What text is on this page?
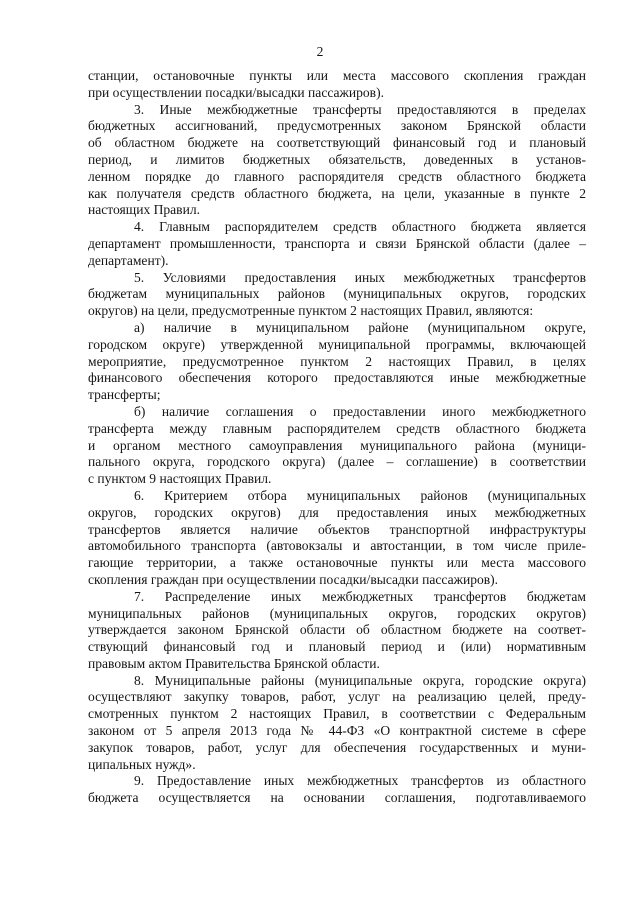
2
станции, остановочные пункты или места массового скопления граждан
при осуществлении посадки/высадки пассажиров).
3. Иные межбюджетные трансферты предоставляются в пределах
бюджетных ассигнований, предусмотренных законом Брянской области
об областном бюджете на соответствующий финансовый год и плановый
период, и лимитов бюджетных обязательств, доведенных в установ-
ленном порядке до главного распорядителя средств областного бюджета
как получателя средств областного бюджета, на цели, указанные в пункте 2
настоящих Правил.
4. Главным распорядителем средств областного бюджета является
департамент промышленности, транспорта и связи Брянской области (далее –
департамент).
5. Условиями предоставления иных межбюджетных трансфертов
бюджетам муниципальных районов (муниципальных округов, городских
округов) на цели, предусмотренные пунктом 2 настоящих Правил, являются:
а) наличие в муниципальном районе (муниципальном округе,
городском округе) утвержденной муниципальной программы, включающей
мероприятие, предусмотренное пунктом 2 настоящих Правил, в целях
финансового обеспечения которого предоставляются иные межбюджетные
трансферты;
б) наличие соглашения о предоставлении иного межбюджетного
трансферта между главным распорядителем средств областного бюджета
и органом местного самоуправления муниципального района (муници-
пального округа, городского округа) (далее – соглашение) в соответствии
с пунктом 9 настоящих Правил.
6. Критерием отбора муниципальных районов (муниципальных
округов, городских округов) для предоставления иных межбюджетных
трансфертов является наличие объектов транспортной инфраструктуры
автомобильного транспорта (автовокзалы и автостанции, в том числе приле-
гающие территории, а также остановочные пункты или места массового
скопления граждан при осуществлении посадки/высадки пассажиров).
7. Распределение иных межбюджетных трансфертов бюджетам
муниципальных районов (муниципальных округов, городских округов)
утверждается законом Брянской области об областном бюджете на соответ-
ствующий финансовый год и плановый период и (или) нормативным
правовым актом Правительства Брянской области.
8. Муниципальные районы (муниципальные округа, городские округа)
осуществляют закупку товаров, работ, услуг на реализацию целей, преду-
смотренных пунктом 2 настоящих Правил, в соответствии с Федеральным
законом от 5 апреля 2013 года № 44-ФЗ «О контрактной системе в сфере
закупок товаров, работ, услуг для обеспечения государственных и муни-
ципальных нужд».
9. Предоставление иных межбюджетных трансфертов из областного
бюджета осуществляется на основании соглашения, подготавливаемого
